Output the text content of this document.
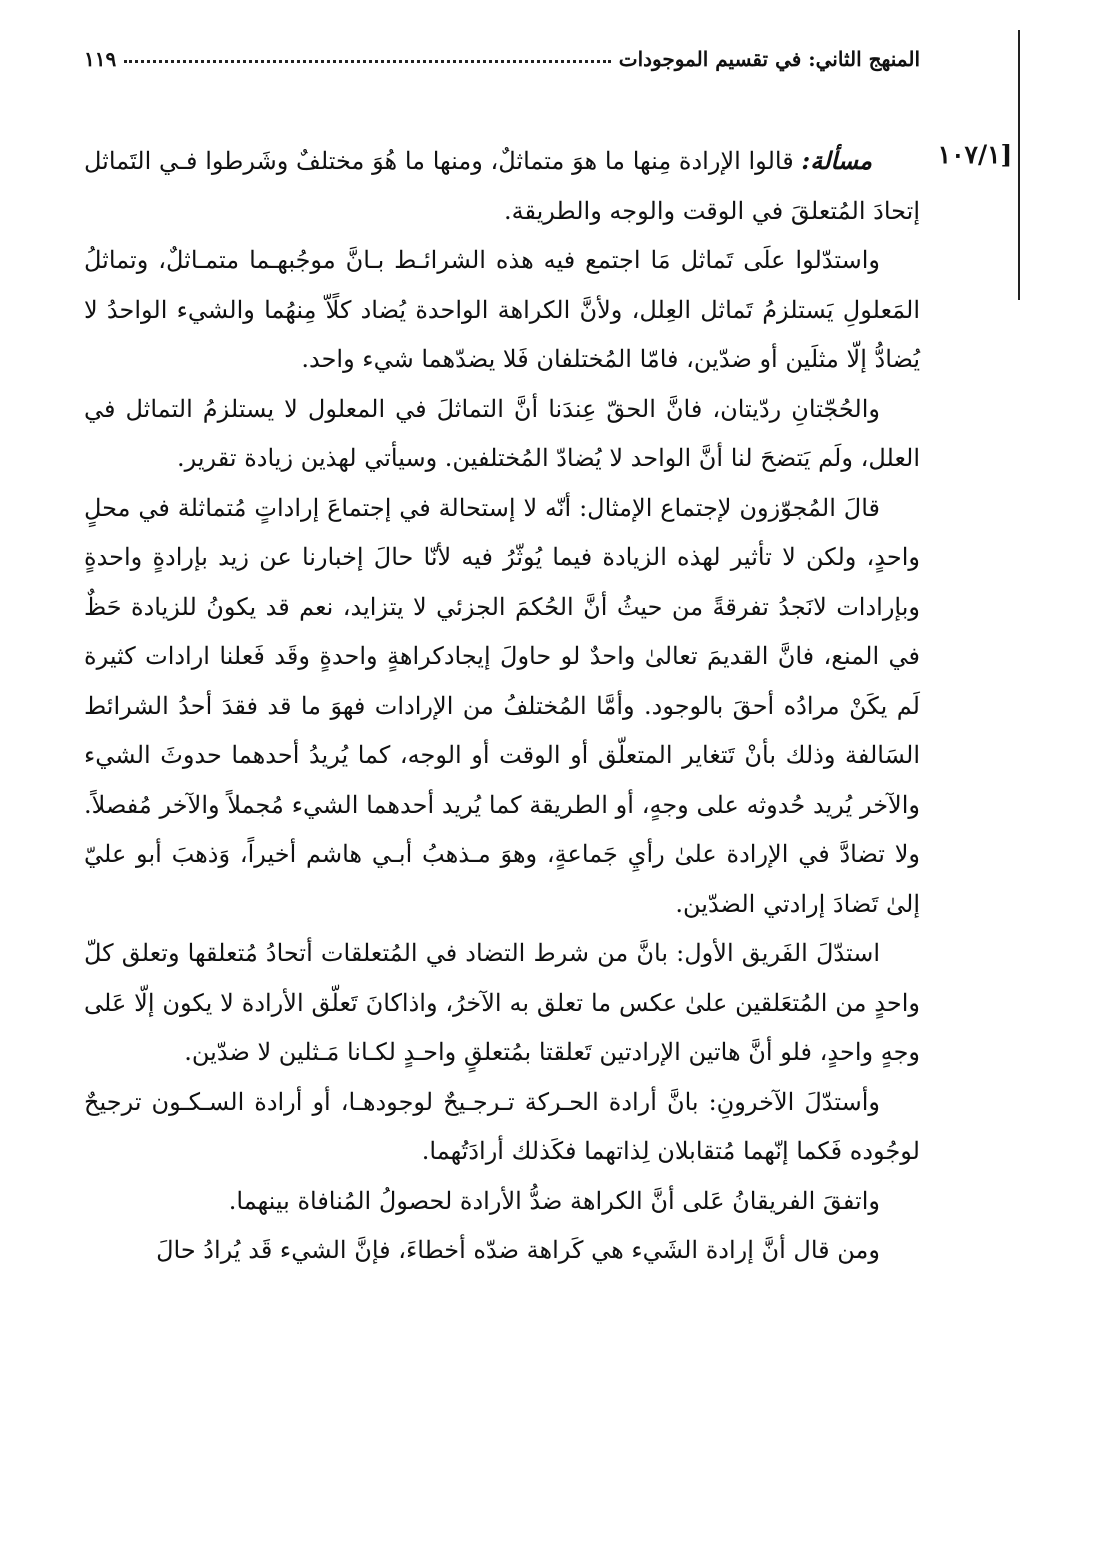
المنهج الثاني: في تقسيم الموجودات
١١٩
[١٠٧/١

مسألة: قالوا الإرادة مِنها ما هوَ متماثلٌ، ومنها ما هُوَ مختلفٌ وشَرطوا فـي التَماثل إتحادَ المُتعلقَ في الوقت والوجه والطريقة.

واستدّلوا علَى تَماثل مَا اجتمع فيه هذه الشرائـط بـانَّ موجُبهـما متمـاثلٌ، وتماثلُ المَعلولِ يَستلزمُ تَماثل العِلل، ولأنَّ الكراهة الواحدة يُضاد كلًاّ مِنهُما والشيء الواحدُ لا يُضادُّ إلّا مثلَين أو ضدّين، فامّا المُختلفان فَلا يضدّهما شيء واحد.

والحُجّتانِ ردّيتان، فانَّ الحقّ عِندَنا أنَّ التماثلَ في المعلول لا يستلزمُ التماثل في العلل، ولَم يَتضحَ لنا أنَّ الواحد لا يُضادّ المُختلفين. وسيأتي لهذين زيادة تقرير.

قالَ المُجوّزون لإجتماع الإمثال: أنّه لا إستحالة في إجتماعَ إراداتٍ مُتماثلة في محلٍ واحدٍ، ولكن لا تأثير لهذه الزيادة فيما يُوثّرُ فيه لأنّا حالَ إخبارنا عن زيد بإرادةٍ واحدةٍ وبإرادات لانَجدُ تفرقةً من حيثُ أنَّ الحُكمَ الجزئي لا يتزايد، نعم قد يكونُ للزيادة حَظٌ في المنع، فانَّ القديمَ تعالىٰ واحدٌ لو حاولَ إيجادكراهةٍ واحدةٍ وقَد فَعلنا ارادات كثيرة لَم يكَنْ مرادُه أحقَ بالوجود. وأمَّا المُختلفُ من الإرادات فهوَ ما قد فقدَ أحدُ الشرائط السَالفة وذلك بأنْ تَتغاير المتعلّق أو الوقت أو الوجه، كما يُريدُ أحدهما حدوثَ الشيء والآخر يُريد حُدوثه على وجهٍ، أو الطريقة كما يُريد أحدهما الشيء مُجملاً والآخر مُفصلاً. ولا تضادَّ في الإرادة علىٰ رأيِ جَماعةٍ، وهوَ مـذهبُ أبـي هاشم أخيراً، وَذهبَ أبو عليّ إلىٰ تَضادَ إرادتي الضدّين.

استدّلَ الفَريق الأول: بانَّ من شرط التضاد في المُتعلقات أتحادُ مُتعلقها وتعلق كلّ واحدٍ من المُتعَلقين علىٰ عكس ما تعلق به الآخرُ، واذاكانَ تَعلّق الأرادة لا يكون إلّا عَلى وجهٍ واحدٍ، فلو أنَّ هاتين الإرادتين تَعلقتا بمُتعلقٍ واحـدٍ لكـانا مَـثلين لا ضدّين.

وأستدّلَ الآخرونِ: بانَّ أرادة الحـركة تـرجـيحٌ لوجودهـا، أو أرادة السـكـون ترجيحٌ لوجُوده فَكما إنّهما مُتقابلان لِذاتهما فكَذلك أرادَتُهما.

واتفقَ الفريقانُ عَلى أنَّ الكراهة ضدُّ الأرادة لحصولُ المُنافاة بينهما.

ومن قال أنَّ إرادة الشَيء هي كَراهة ضدّه أخطاءَ، فإنَّ الشيء قَد يُرادُ حالَ
